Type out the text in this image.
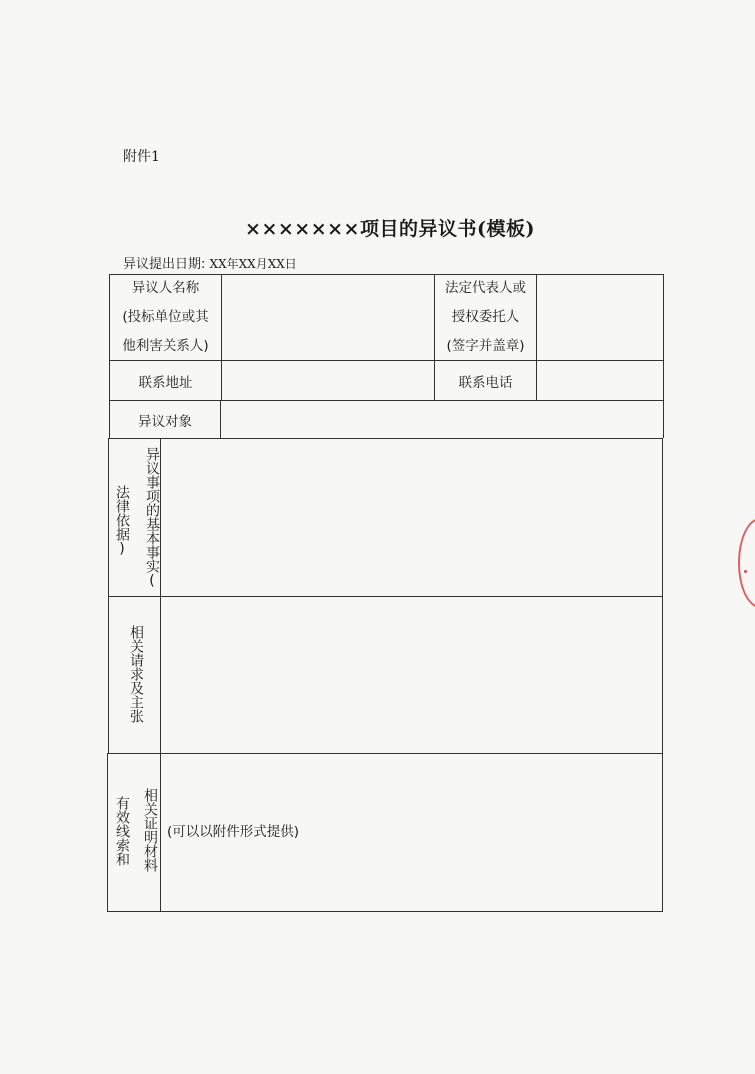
附件1
×××××××项目的异议书(模板)
异议提出日期: XX年XX月XX日
异议人名称
(投标单位或其
他利害关系人)
法定代表人或
授权委托人
(签字并盖章)
联系地址	联系电话
异议对象
法律依据) 异议事项的基本事实(
相关请求及主张
有效线索和 相关证明材料 (可以以附件形式提供)
